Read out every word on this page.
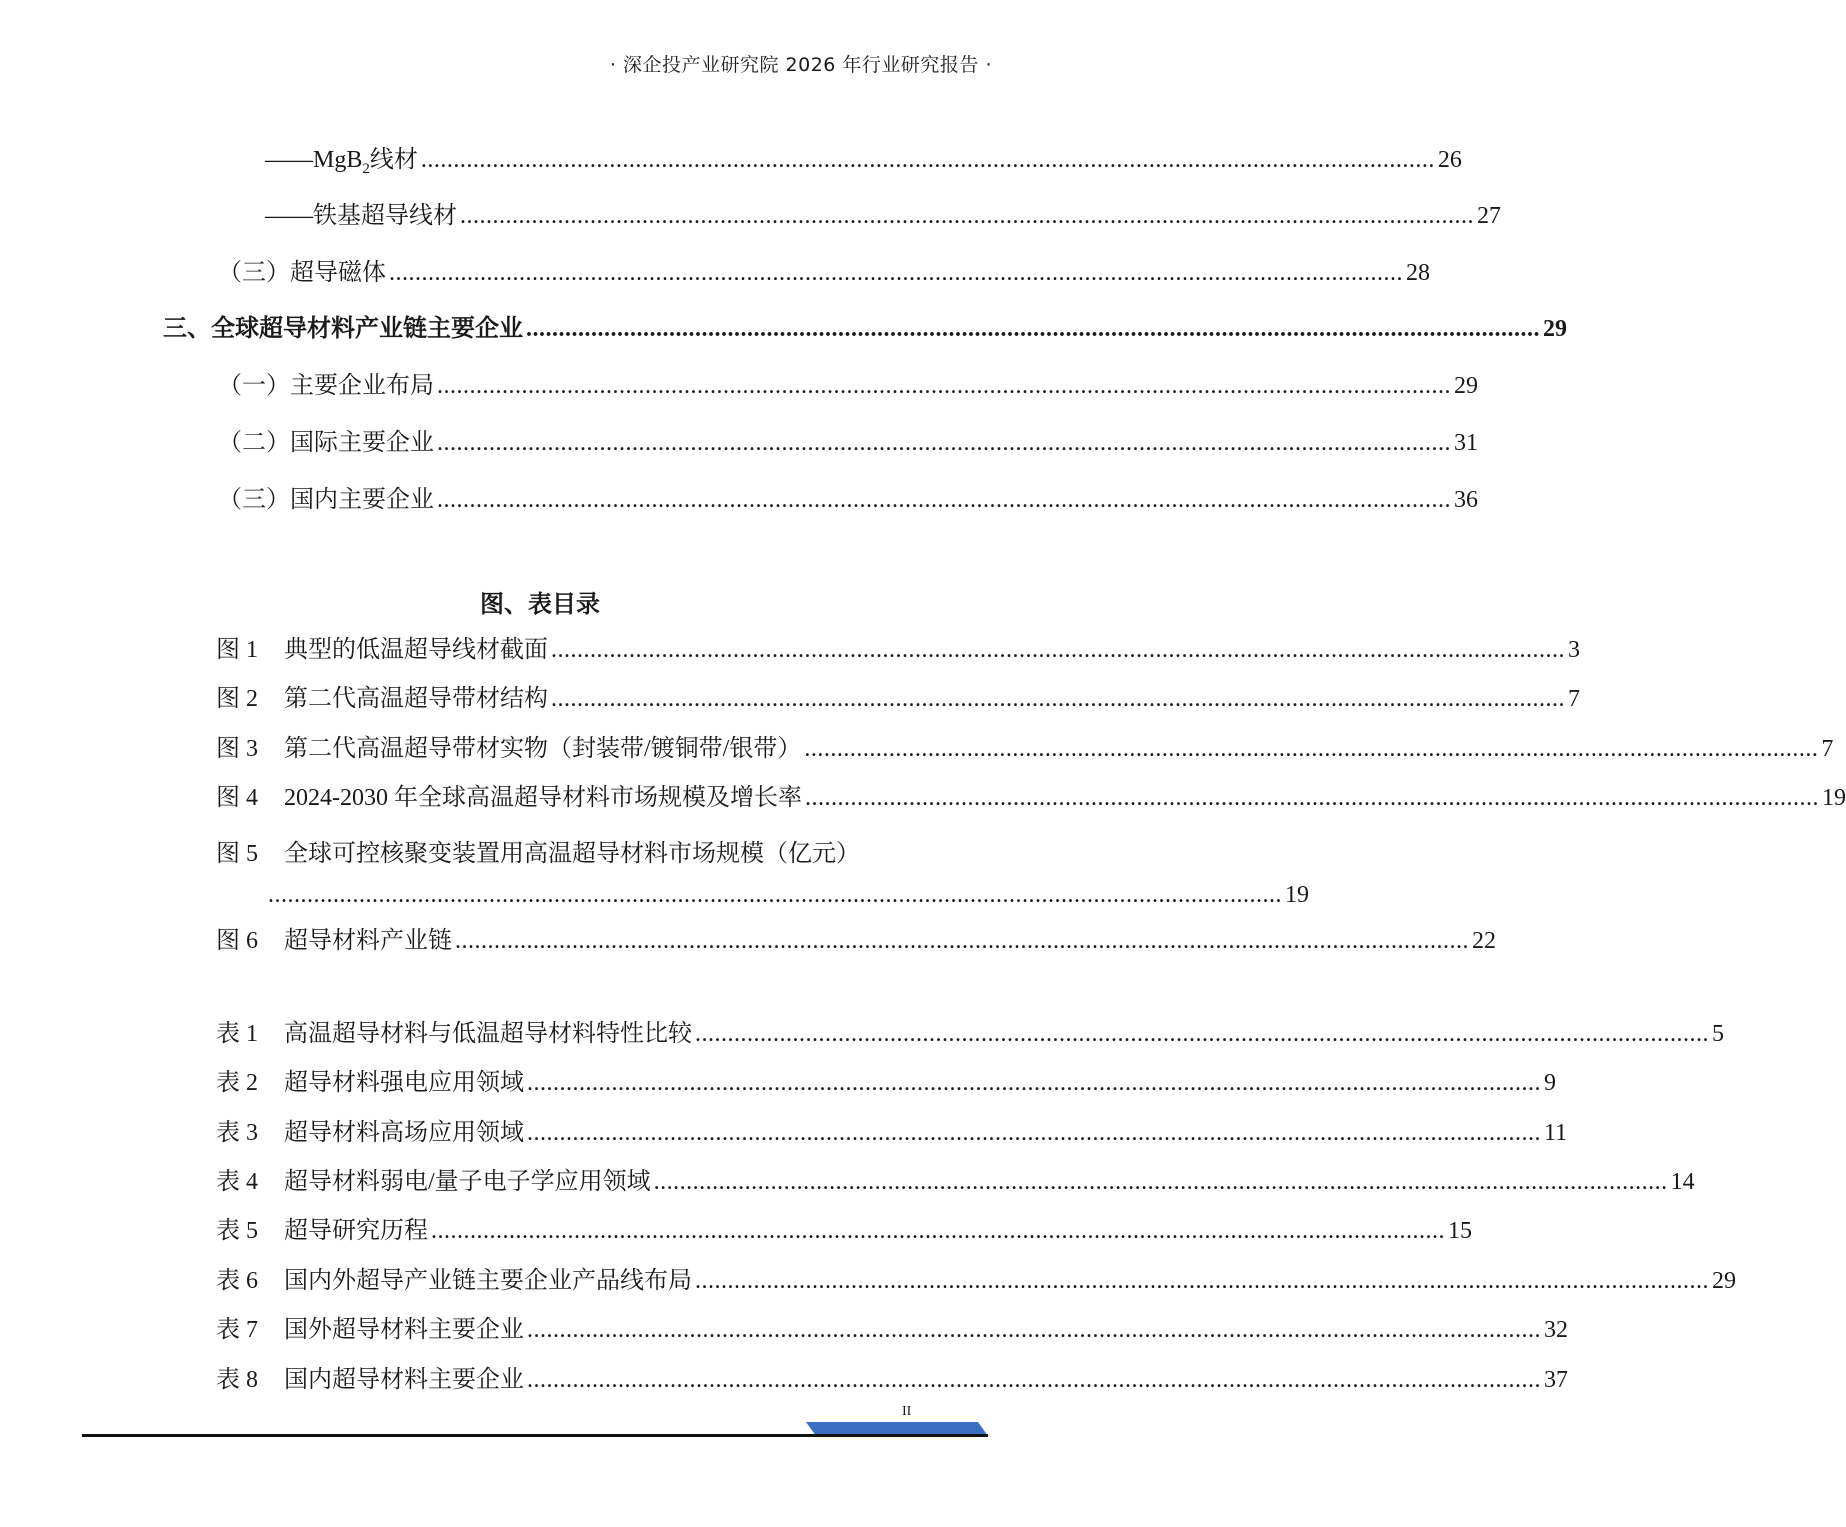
· 深企投产业研究院 2026 年行业研究报告 ·
——MgB$_2$线材 ............................................................................................................................................................ 26
——铁基超导线材 ............................................................................................................................................................ 27
（三）超导磁体 ............................................................................................................................................................ 28
三、全球超导材料产业链主要企业 ............................................................................................................................................................ 29
（一）主要企业布局 ............................................................................................................................................................ 29
（二）国际主要企业 ............................................................................................................................................................ 31
（三）国内主要企业 ............................................................................................................................................................ 36
图、表目录
图 1 典型的低温超导线材截面 ............................................................................................................................................................ 3
图 2 第二代高温超导带材结构 ............................................................................................................................................................ 7
图 3 第二代高温超导带材实物（封装带/镀铜带/银带） ............................................................................................................................................................ 7
图 4 2024-2030 年全球高温超导材料市场规模及增长率 ............................................................................................................................................................ 19
图 5 全球可控核聚变装置用高温超导材料市场规模（亿元）
............................................................................................................................................................ 19
图 6 超导材料产业链 ............................................................................................................................................................ 22
表 1 高温超导材料与低温超导材料特性比较 ............................................................................................................................................................ 5
表 2 超导材料强电应用领域 ............................................................................................................................................................ 9
表 3 超导材料高场应用领域 ............................................................................................................................................................ 11
表 4 超导材料弱电/量子电子学应用领域 ............................................................................................................................................................ 14
表 5 超导研究历程 ............................................................................................................................................................ 15
表 6 国内外超导产业链主要企业产品线布局 ............................................................................................................................................................ 29
表 7 国外超导材料主要企业 ............................................................................................................................................................ 32
表 8 国内超导材料主要企业 ............................................................................................................................................................ 37
II
